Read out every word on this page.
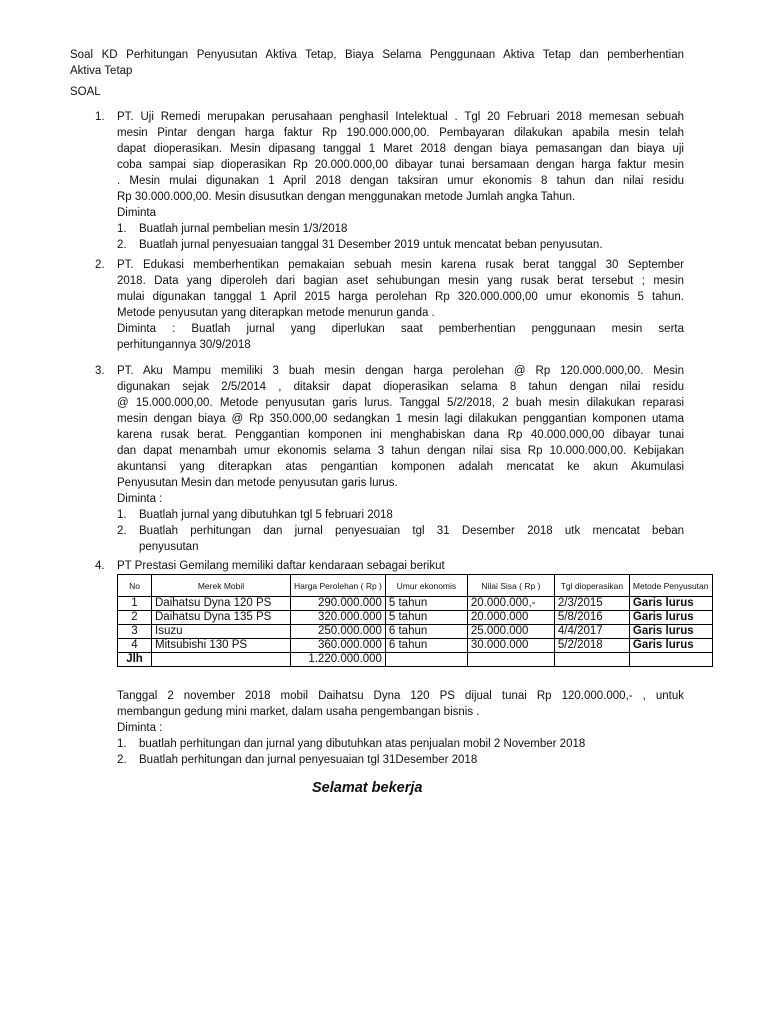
Soal KD Perhitungan Penyusutan Aktiva Tetap, Biaya Selama Penggunaan Aktiva Tetap dan pemberhentian
Aktiva Tetap
SOAL
1. PT. Uji Remedi merupakan perusahaan penghasil Intelektual . Tgl 20 Februari 2018 memesan sebuah
mesin Pintar dengan harga faktur Rp 190.000.000,00. Pembayaran dilakukan apabila mesin telah
dapat dioperasikan. Mesin dipasang tanggal 1 Maret 2018 dengan biaya pemasangan dan biaya uji
coba sampai siap dioperasikan Rp 20.000.000,00 dibayar tunai bersamaan dengan harga faktur mesin
. Mesin mulai digunakan 1 April 2018 dengan taksiran umur ekonomis 8 tahun dan nilai residu
Rp 30.000.000,00. Mesin disusutkan dengan menggunakan metode Jumlah angka Tahun.
Diminta
1. Buatlah jurnal pembelian mesin 1/3/2018
2. Buatlah jurnal penyesuaian tanggal 31 Desember 2019 untuk mencatat beban penyusutan.
2. PT. Edukasi memberhentikan pemakaian sebuah mesin karena rusak berat tanggal 30 September
2018. Data yang diperoleh dari bagian aset sehubungan mesin yang rusak berat tersebut ; mesin
mulai digunakan tanggal 1 April 2015 harga perolehan Rp 320.000.000,00 umur ekonomis 5 tahun.
Metode penyusutan yang diterapkan metode menurun ganda .
Diminta : Buatlah jurnal yang diperlukan saat pemberhentian penggunaan mesin serta
perhitungannya 30/9/2018
3. PT. Aku Mampu memiliki 3 buah mesin dengan harga perolehan @ Rp 120.000.000,00. Mesin
digunakan sejak 2/5/2014 , ditaksir dapat dioperasikan selama 8 tahun dengan nilai residu
@ 15.000.000,00. Metode penyusutan garis lurus. Tanggal 5/2/2018, 2 buah mesin dilakukan reparasi
mesin dengan biaya @ Rp 350.000,00 sedangkan 1 mesin lagi dilakukan penggantian komponen utama
karena rusak berat. Penggantian komponen ini menghabiskan dana Rp 40.000.000,00 dibayar tunai
dan dapat menambah umur ekonomis selama 3 tahun dengan nilai sisa Rp 10.000.000,00. Kebijakan
akuntansi yang diterapkan atas pengantian komponen adalah mencatat ke akun Akumulasi
Penyusutan Mesin dan metode penyusutan garis lurus.
Diminta :
1. Buatlah jurnal yang dibutuhkan tgl 5 februari 2018
2. Buatlah perhitungan dan jurnal penyesuaian tgl 31 Desember 2018 utk mencatat beban
penyusutan
4. PT Prestasi Gemilang memiliki daftar kendaraan sebagai berikut
Tanggal 2 november 2018 mobil Daihatsu Dyna 120 PS dijual tunai Rp 120.000.000,- , untuk
membangun gedung mini market, dalam usaha pengembangan bisnis .
Diminta :
1. buatlah perhitungan dan jurnal yang dibutuhkan atas penjualan mobil 2 November 2018
2. Buatlah perhitungan dan jurnal penyesuaian tgl 31Desember 2018
No	Merek Mobil	Harga Perolehan ( Rp )	Umur ekonomis	Nilai Sisa ( Rp )	Tgl dioperasikan	Metode Penyusutan
1	Daihatsu Dyna 120 PS	290.000.000	5 tahun	20.000.000,-	2/3/2015	Garis lurus
2	Daihatsu Dyna 135 PS	320.000.000	5 tahun	20.000.000	5/8/2016	Garis lurus
3	Isuzu	250.000.000	6 tahun	25.000.000	4/4/2017	Garis lurus
4	Mitsubishi 130 PS	360.000.000	6 tahun	30.000.000	5/2/2018	Garis lurus
Jlh		1.220.000.000				
Selamat bekerja
